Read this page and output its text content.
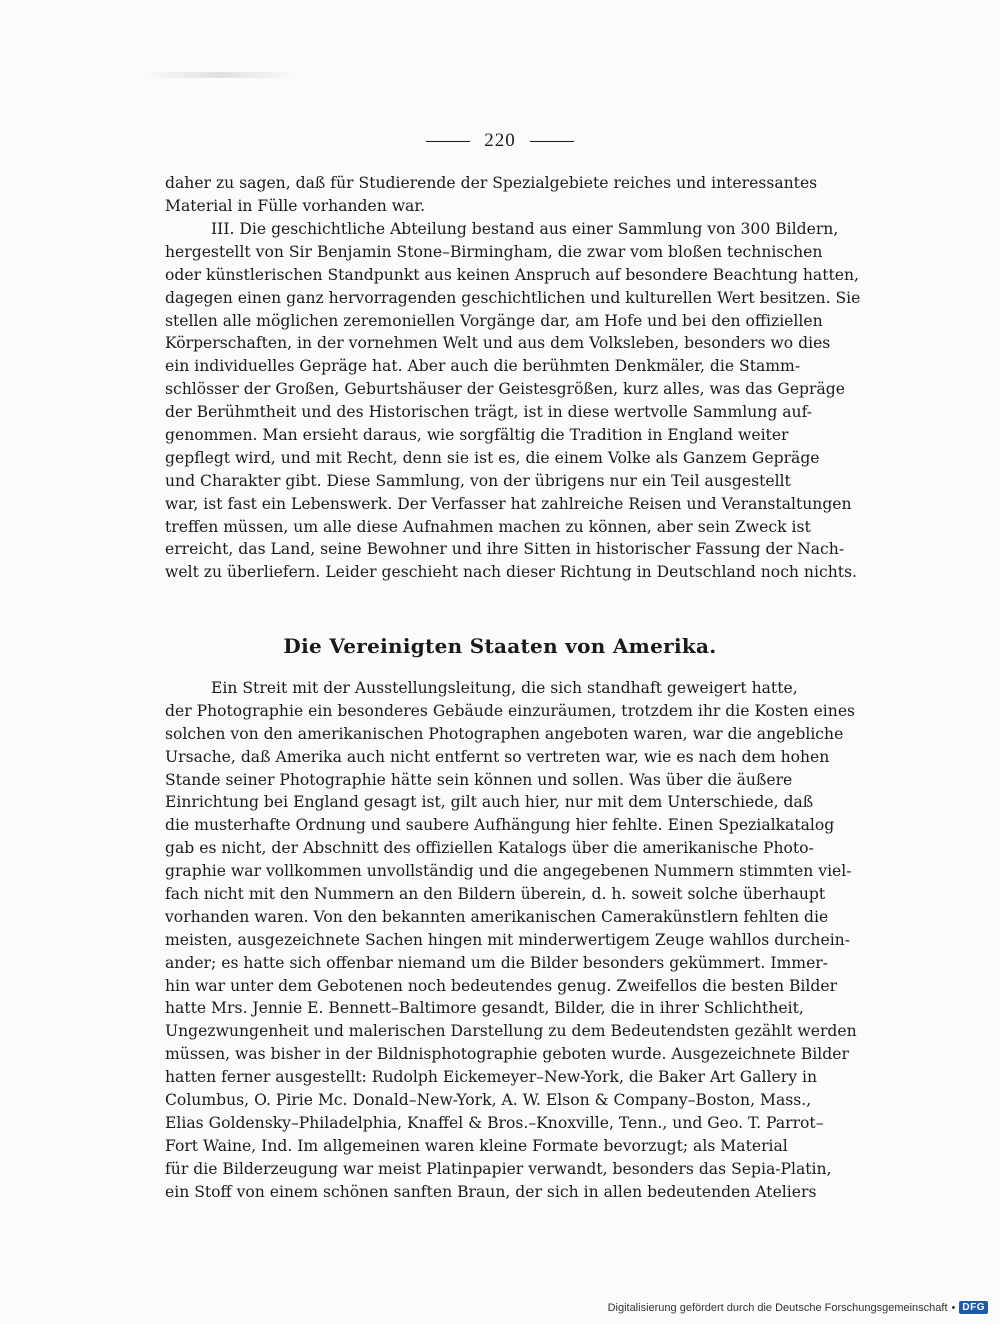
220
daher zu sagen, daß für Studierende der Spezialgebiete reiches und interessantes
Material in Fülle vorhanden war.
III. Die geschichtliche Abteilung bestand aus einer Sammlung von 300 Bildern,
hergestellt von Sir Benjamin Stone–Birmingham, die zwar vom bloßen technischen
oder künstlerischen Standpunkt aus keinen Anspruch auf besondere Beachtung hatten,
dagegen einen ganz hervorragenden geschichtlichen und kulturellen Wert besitzen. Sie
stellen alle möglichen zeremoniellen Vorgänge dar, am Hofe und bei den offiziellen
Körperschaften, in der vornehmen Welt und aus dem Volksleben, besonders wo dies
ein individuelles Gepräge hat. Aber auch die berühmten Denkmäler, die Stamm-
schlösser der Großen, Geburtshäuser der Geistesgrößen, kurz alles, was das Gepräge
der Berühmtheit und des Historischen trägt, ist in diese wertvolle Sammlung auf-
genommen. Man ersieht daraus, wie sorgfältig die Tradition in England weiter
gepflegt wird, und mit Recht, denn sie ist es, die einem Volke als Ganzem Gepräge
und Charakter gibt. Diese Sammlung, von der übrigens nur ein Teil ausgestellt
war, ist fast ein Lebenswerk. Der Verfasser hat zahlreiche Reisen und Veranstaltungen
treffen müssen, um alle diese Aufnahmen machen zu können, aber sein Zweck ist
erreicht, das Land, seine Bewohner und ihre Sitten in historischer Fassung der Nach-
welt zu überliefern. Leider geschieht nach dieser Richtung in Deutschland noch nichts.
Die Vereinigten Staaten von Amerika.
Ein Streit mit der Ausstellungsleitung, die sich standhaft geweigert hatte,
der Photographie ein besonderes Gebäude einzuräumen, trotzdem ihr die Kosten eines
solchen von den amerikanischen Photographen angeboten waren, war die angebliche
Ursache, daß Amerika auch nicht entfernt so vertreten war, wie es nach dem hohen
Stande seiner Photographie hätte sein können und sollen. Was über die äußere
Einrichtung bei England gesagt ist, gilt auch hier, nur mit dem Unterschiede, daß
die musterhafte Ordnung und saubere Aufhängung hier fehlte. Einen Spezialkatalog
gab es nicht, der Abschnitt des offiziellen Katalogs über die amerikanische Photo-
graphie war vollkommen unvollständig und die angegebenen Nummern stimmten viel-
fach nicht mit den Nummern an den Bildern überein, d. h. soweit solche überhaupt
vorhanden waren. Von den bekannten amerikanischen Camerakünstlern fehlten die
meisten, ausgezeichnete Sachen hingen mit minderwertigem Zeuge wahllos durchein-
ander; es hatte sich offenbar niemand um die Bilder besonders gekümmert. Immer-
hin war unter dem Gebotenen noch bedeutendes genug. Zweifellos die besten Bilder
hatte Mrs. Jennie E. Bennett–Baltimore gesandt, Bilder, die in ihrer Schlichtheit,
Ungezwungenheit und malerischen Darstellung zu dem Bedeutendsten gezählt werden
müssen, was bisher in der Bildnisphotographie geboten wurde. Ausgezeichnete Bilder
hatten ferner ausgestellt: Rudolph Eickemeyer–New-York, die Baker Art Gallery in
Columbus, O. Pirie Mc. Donald–New-York, A. W. Elson & Company–Boston, Mass.,
Elias Goldensky–Philadelphia, Knaffel & Bros.–Knoxville, Tenn., und Geo. T. Parrot–
Fort Waine, Ind. Im allgemeinen waren kleine Formate bevorzugt; als Material
für die Bilderzeugung war meist Platinpapier verwandt, besonders das Sepia-Platin,
ein Stoff von einem schönen sanften Braun, der sich in allen bedeutenden Ateliers
Digitalisierung gefördert durch die Deutsche Forschungsgemeinschaft • DFG
